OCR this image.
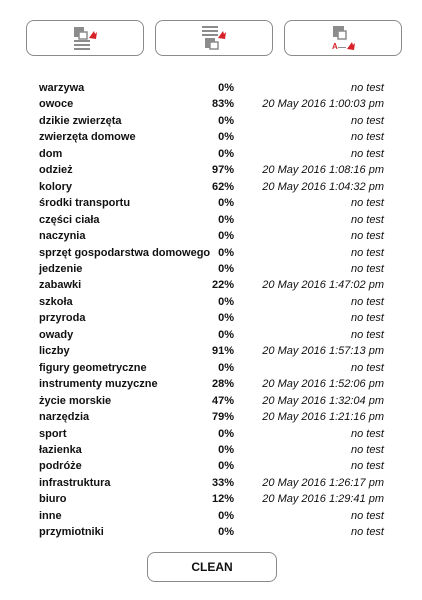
A
warzywa	0%	no test
owoce	83%	20 May 2016 1:00:03 pm
dzikie zwierzęta	0%	no test
zwierzęta domowe	0%	no test
dom	0%	no test
odzież	97%	20 May 2016 1:08:16 pm
kolory	62%	20 May 2016 1:04:32 pm
środki transportu	0%	no test
części ciała	0%	no test
naczynia	0%	no test
sprzęt gospodarstwa domowego 0%	no test
jedzenie	0%	no test
zabawki	22%	20 May 2016 1:47:02 pm
szkoła	0%	no test
przyroda	0%	no test
owady	0%	no test
liczby	91%	20 May 2016 1:57:13 pm
figury geometryczne	0%	no test
instrumenty muzyczne	28%	20 May 2016 1:52:06 pm
życie morskie	47%	20 May 2016 1:32:04 pm
narzędzia	79%	20 May 2016 1:21:16 pm
sport	0%	no test
łazienka	0%	no test
podróże	0%	no test
infrastruktura	33%	20 May 2016 1:26:17 pm
biuro	12%	20 May 2016 1:29:41 pm
inne	0%	no test
przymiotniki	0%	no test
CLEAN
